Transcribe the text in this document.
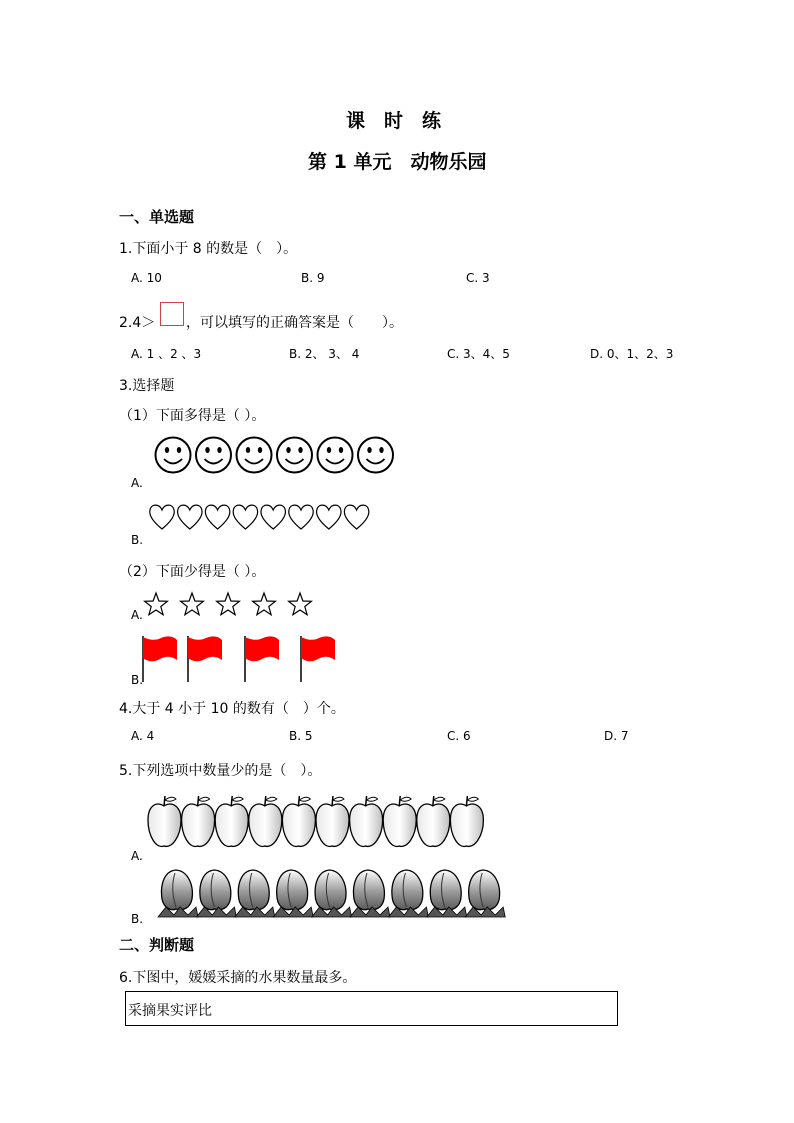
课　时　练
第 1 单元　动物乐园
一、单选题
1.下面小于 8 的数是（　）。
A. 10	B. 9	C. 3
2.4＞ ，可以填写的正确答案是（　　）。
A. 1 、2 、3	B. 2、 3、 4	C. 3、4、5	D. 0、1、2、3
3.选择题
（1）下面多得是（ ）。
A.
B.
（2）下面少得是（ ）。
A.
B.
4.大于 4 小于 10 的数有（　）个。
A. 4	B. 5	C. 6	D. 7
5.下列选项中数量少的是（　）。
A.
B.
二、判断题
6.下图中，媛媛采摘的水果数量最多。
采摘果实评比
